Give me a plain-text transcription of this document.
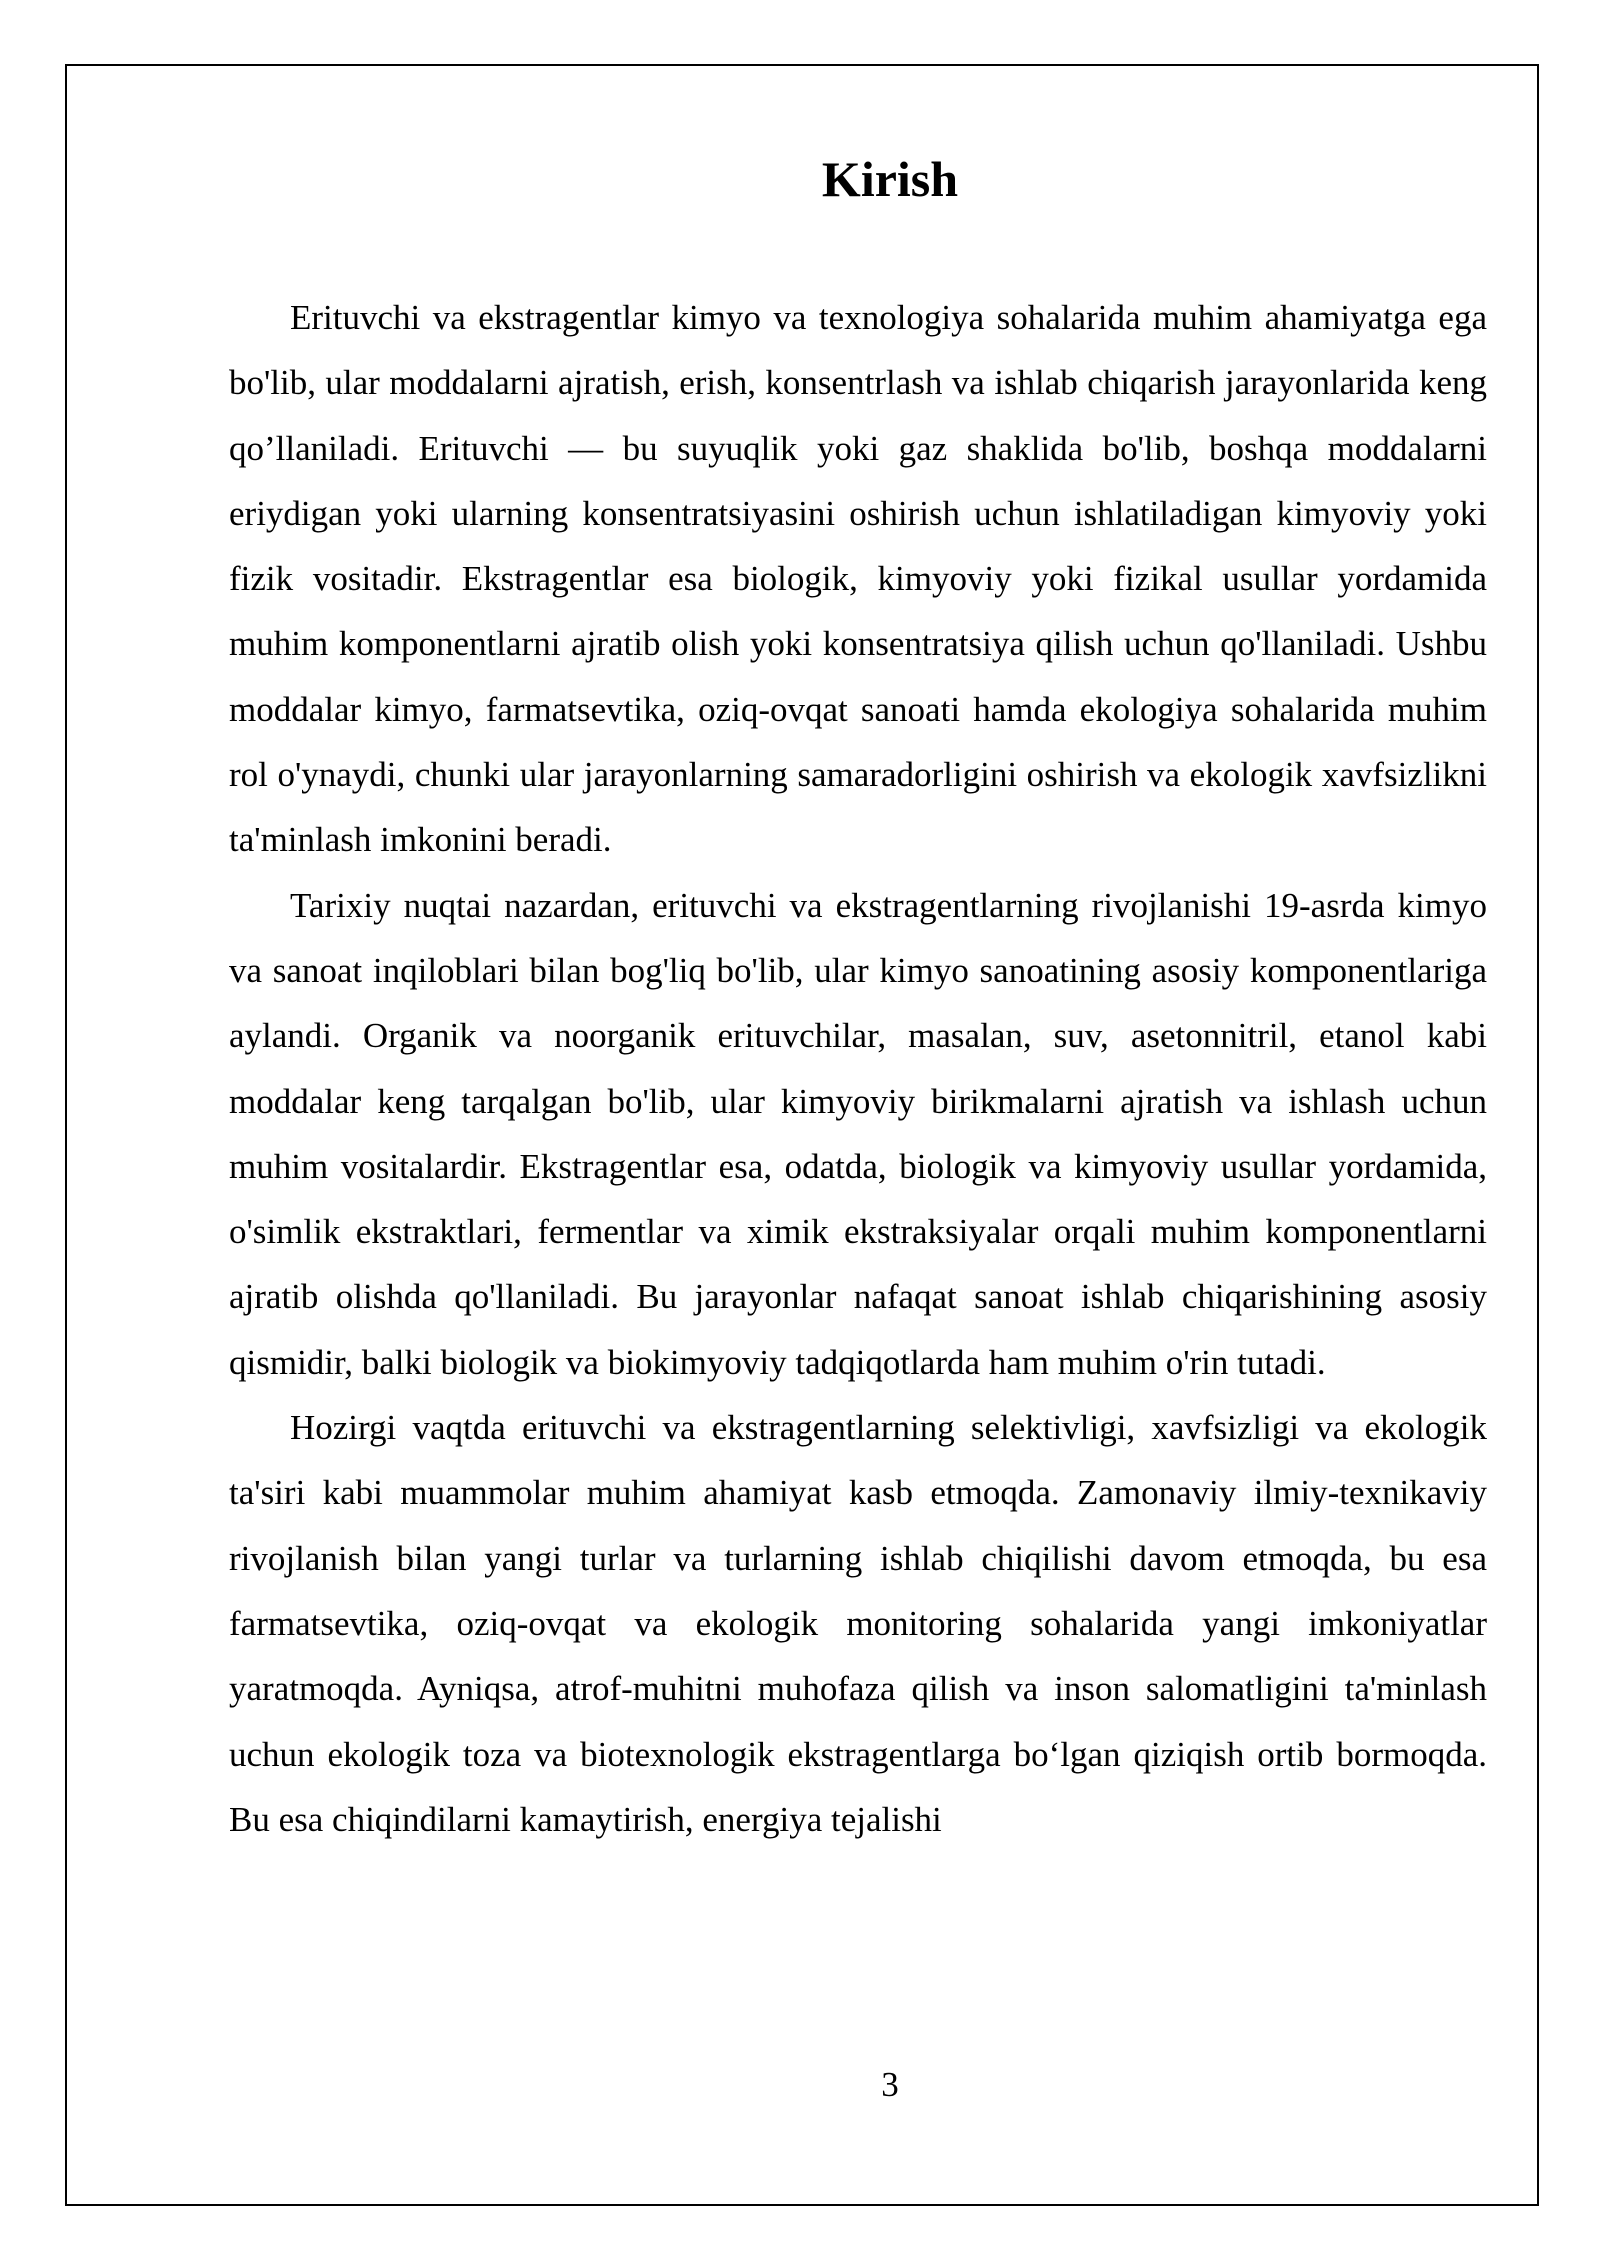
Kirish

Erituvchi va ekstragentlar kimyo va texnologiya sohalarida muhim ahamiyatga ega bo'lib, ular moddalarni ajratish, erish, konsentrlash va ishlab chiqarish jarayonlarida keng qo’llaniladi. Erituvchi — bu suyuqlik yoki gaz shaklida bo'lib, boshqa moddalarni eriydigan yoki ularning konsentratsiyasini oshirish uchun ishlatiladigan kimyoviy yoki fizik vositadir. Ekstragentlar esa biologik, kimyoviy yoki fizikal usullar yordamida muhim komponentlarni ajratib olish yoki konsentratsiya qilish uchun qo'llaniladi. Ushbu moddalar kimyo, farmatsevtika, oziq-ovqat sanoati hamda ekologiya sohalarida muhim rol o'ynaydi, chunki ular jarayonlarning samaradorligini oshirish va ekologik xavfsizlikni ta'minlash imkonini beradi.

Tarixiy nuqtai nazardan, erituvchi va ekstragentlarning rivojlanishi 19-asrda kimyo va sanoat inqiloblari bilan bog'liq bo'lib, ular kimyo sanoatining asosiy komponentlariga aylandi. Organik va noorganik erituvchilar, masalan, suv, asetonnitril, etanol kabi moddalar keng tarqalgan bo'lib, ular kimyoviy birikmalarni ajratish va ishlash uchun muhim vositalardir. Ekstragentlar esa, odatda, biologik va kimyoviy usullar yordamida, o'simlik ekstraktlari, fermentlar va ximik ekstraksiyalar orqali muhim komponentlarni ajratib olishda qo'llaniladi. Bu jarayonlar nafaqat sanoat ishlab chiqarishining asosiy qismidir, balki biologik va biokimyoviy tadqiqotlarda ham muhim o'rin tutadi.

Hozirgi vaqtda erituvchi va ekstragentlarning selektivligi, xavfsizligi va ekologik ta'siri kabi muammolar muhim ahamiyat kasb etmoqda. Zamonaviy ilmiy-texnikaviy rivojlanish bilan yangi turlar va turlarning ishlab chiqilishi davom etmoqda, bu esa farmatsevtika, oziq-ovqat va ekologik monitoring sohalarida yangi imkoniyatlar yaratmoqda. Ayniqsa, atrof-muhitni muhofaza qilish va inson salomatligini ta'minlash uchun ekologik toza va biotexnologik ekstragentlarga bo‘lgan qiziqish ortib bormoqda. Bu esa chiqindilarni kamaytirish, energiya tejalishi

3
